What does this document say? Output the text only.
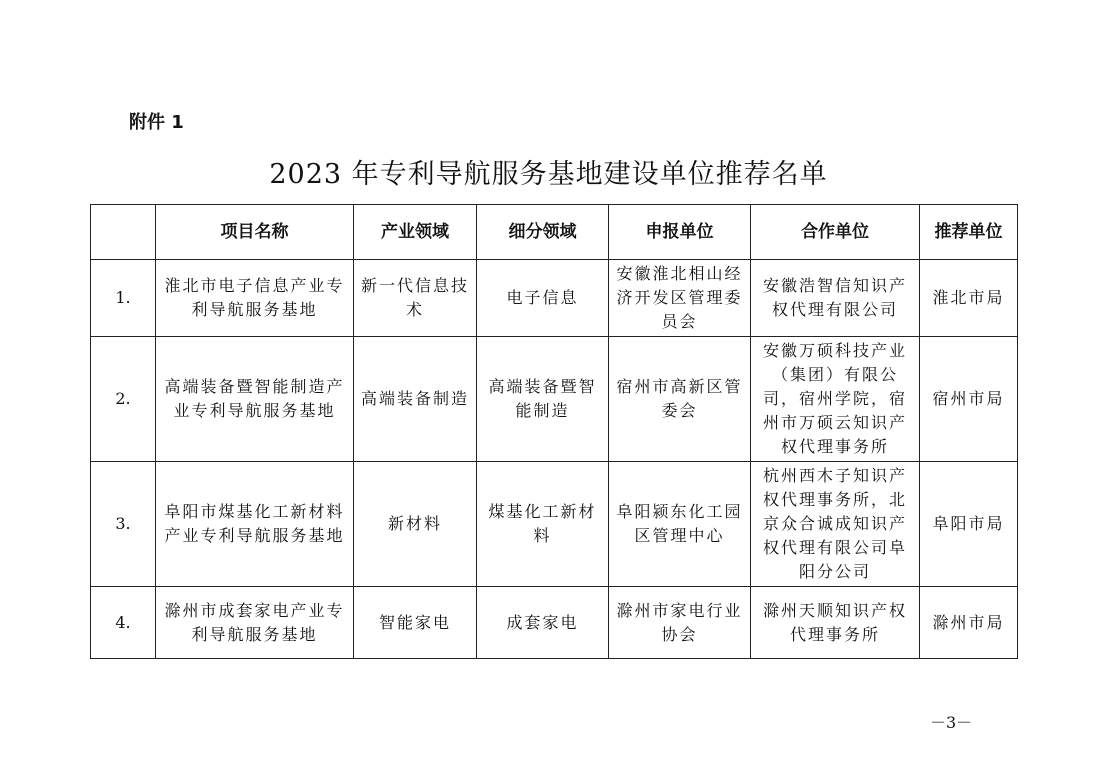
附件 1
2023 年专利导航服务基地建设单位推荐名单
	项目名称	产业领域	细分领域	申报单位	合作单位	推荐单位
1.	淮北市电子信息产业专利导航服务基地	新一代信息技术	电子信息	安徽淮北相山经济开发区管理委员会	安徽浩智信知识产权代理有限公司	淮北市局
2.	高端装备暨智能制造产业专利导航服务基地	高端装备制造	高端装备暨智能制造	宿州市高新区管委会	安徽万硕科技产业（集团）有限公司，宿州学院，宿州市万硕云知识产权代理事务所	宿州市局
3.	阜阳市煤基化工新材料产业专利导航服务基地	新材料	煤基化工新材料	阜阳颍东化工园区管理中心	杭州西木子知识产权代理事务所，北京众合诚成知识产权代理有限公司阜阳分公司	阜阳市局
4.	滁州市成套家电产业专利导航服务基地	智能家电	成套家电	滁州市家电行业协会	滁州天顺知识产权代理事务所	滁州市局
－3－
